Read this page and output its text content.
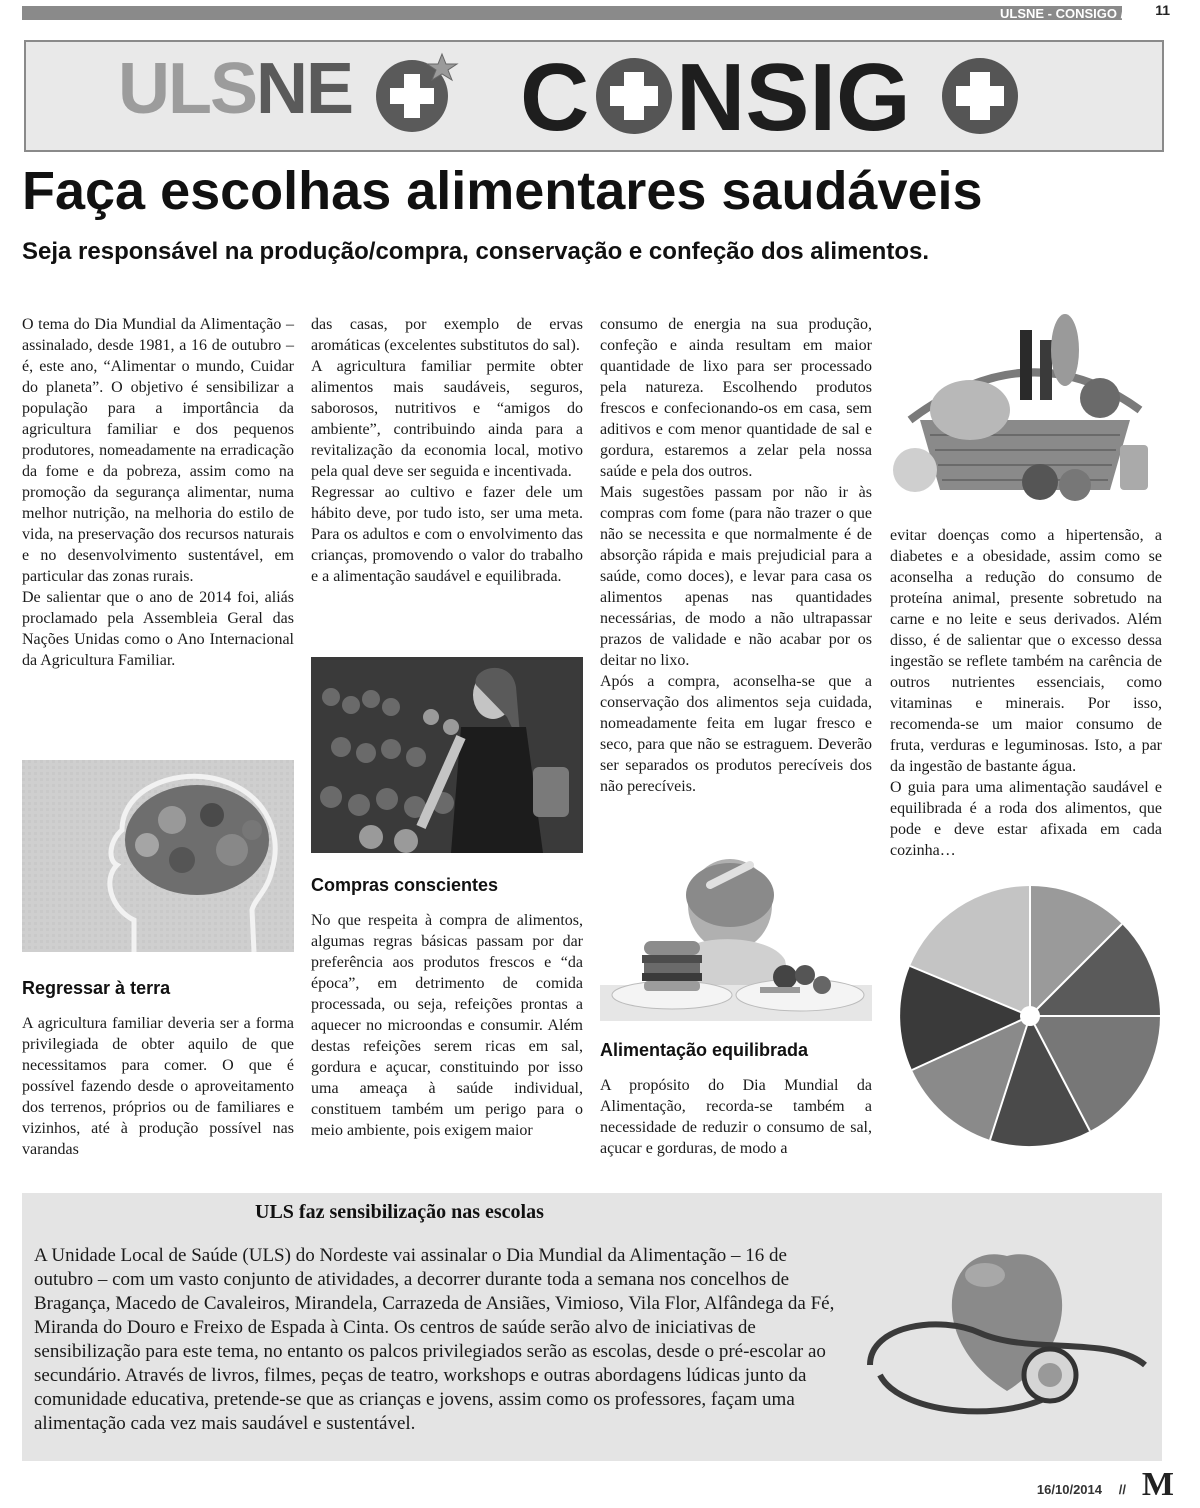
ULSNE - CONSIGO // 11
ULSNE C NSIG
Faça escolhas alimentares saudáveis
Seja responsável na produção/compra, conservação e confeção dos alimentos.

O tema do Dia Mundial da Alimentação – assinalado, desde 1981, a 16 de outubro – é, este ano, “Alimentar o mundo, Cuidar do planeta”. O objetivo é sensibilizar a população para a importância da agricultura familiar e dos pequenos produtores, nomeadamente na erradicação da fome e da pobreza, assim como na promoção da segurança alimentar, numa melhor nutrição, na melhoria do estilo de vida, na preservação dos recursos naturais e no desenvolvimento sustentável, em particular das zonas rurais.

De salientar que o ano de 2014 foi, aliás proclamado pela Assembleia Geral das Nações Unidas como o Ano Internacional da Agricultura Familiar.

Regressar à terra

A agricultura familiar deveria ser a forma privilegiada de obter aquilo de que necessitamos para comer. O que é possível fazendo desde o aproveitamento dos terrenos, próprios ou de familiares e vizinhos, até à produção possível nas varandas

das casas, por exemplo de ervas aromáticas (excelentes substitutos do sal).

A agricultura familiar permite obter alimentos mais saudáveis, seguros, saborosos, nutritivos e “amigos do ambiente”, contribuindo ainda para a revitalização da economia local, motivo pela qual deve ser seguida e incentivada.

Regressar ao cultivo e fazer dele um hábito deve, por tudo isto, ser uma meta. Para os adultos e com o envolvimento das crianças, promovendo o valor do trabalho e a alimentação saudável e equilibrada.

Compras conscientes

No que respeita à compra de alimentos, algumas regras básicas passam por dar preferência aos produtos frescos e “da época”, em detrimento de comida processada, ou seja, refeições prontas a aquecer no microondas e consumir. Além destas refeições serem ricas em sal, gordura e açucar, constituindo por isso uma ameaça à saúde individual, constituem também um perigo para o meio ambiente, pois exigem maior

consumo de energia na sua produção, confeção e ainda resultam em maior quantidade de lixo para ser processado pela natureza. Escolhendo produtos frescos e confecionando-os em casa, sem aditivos e com menor quantidade de sal e gordura, estaremos a zelar pela nossa saúde e pela dos outros.

Mais sugestões passam por não ir às compras com fome (para não trazer o que não se necessita e que normalmente é de absorção rápida e mais prejudicial para a saúde, como doces), e levar para casa os alimentos apenas nas quantidades necessárias, de modo a não ultrapassar prazos de validade e não acabar por os deitar no lixo.

Após a compra, aconselha-se que a conservação dos alimentos seja cuidada, nomeadamente feita em lugar fresco e seco, para que não se estraguem. Deverão ser separados os produtos perecíveis dos não perecíveis.

Alimentação equilibrada

A propósito do Dia Mundial da Alimentação, recorda-se também a necessidade de reduzir o consumo de sal, açucar e gorduras, de modo a

evitar doenças como a hipertensão, a diabetes e a obesidade, assim como se aconselha a redução do consumo de proteína animal, presente sobretudo na carne e no leite e seus derivados. Além disso, é de salientar que o excesso dessa ingestão se reflete também na carência de outros nutrientes essenciais, como vitaminas e minerais. Por isso, recomenda-se um maior consumo de fruta, verduras e leguminosas. Isto, a par da ingestão de bastante água.

O guia para uma alimentação saudável e equilibrada é a roda dos alimentos, que pode e deve estar afixada em cada cozinha…

ULS faz sensibilização nas escolas
A Unidade Local de Saúde (ULS) do Nordeste vai assinalar o Dia Mundial da Alimentação – 16 de outubro – com um vasto conjunto de atividades, a decorrer durante toda a semana nos concelhos de Bragança, Macedo de Cavaleiros, Mirandela, Carrazeda de Ansiães, Vimioso, Vila Flor, Alfândega da Fé, Miranda do Douro e Freixo de Espada à Cinta. Os centros de saúde serão alvo de iniciativas de sensibilização para este tema, no entanto os palcos privilegiados serão as escolas, desde o pré-escolar ao secundário. Através de livros, filmes, peças de teatro, workshops e outras abordagens lúdicas junto da comunidade educativa, pretende-se que as crianças e jovens, assim como os professores, façam uma alimentação cada vez mais saudável e sustentável.
16/10/2014 // M
